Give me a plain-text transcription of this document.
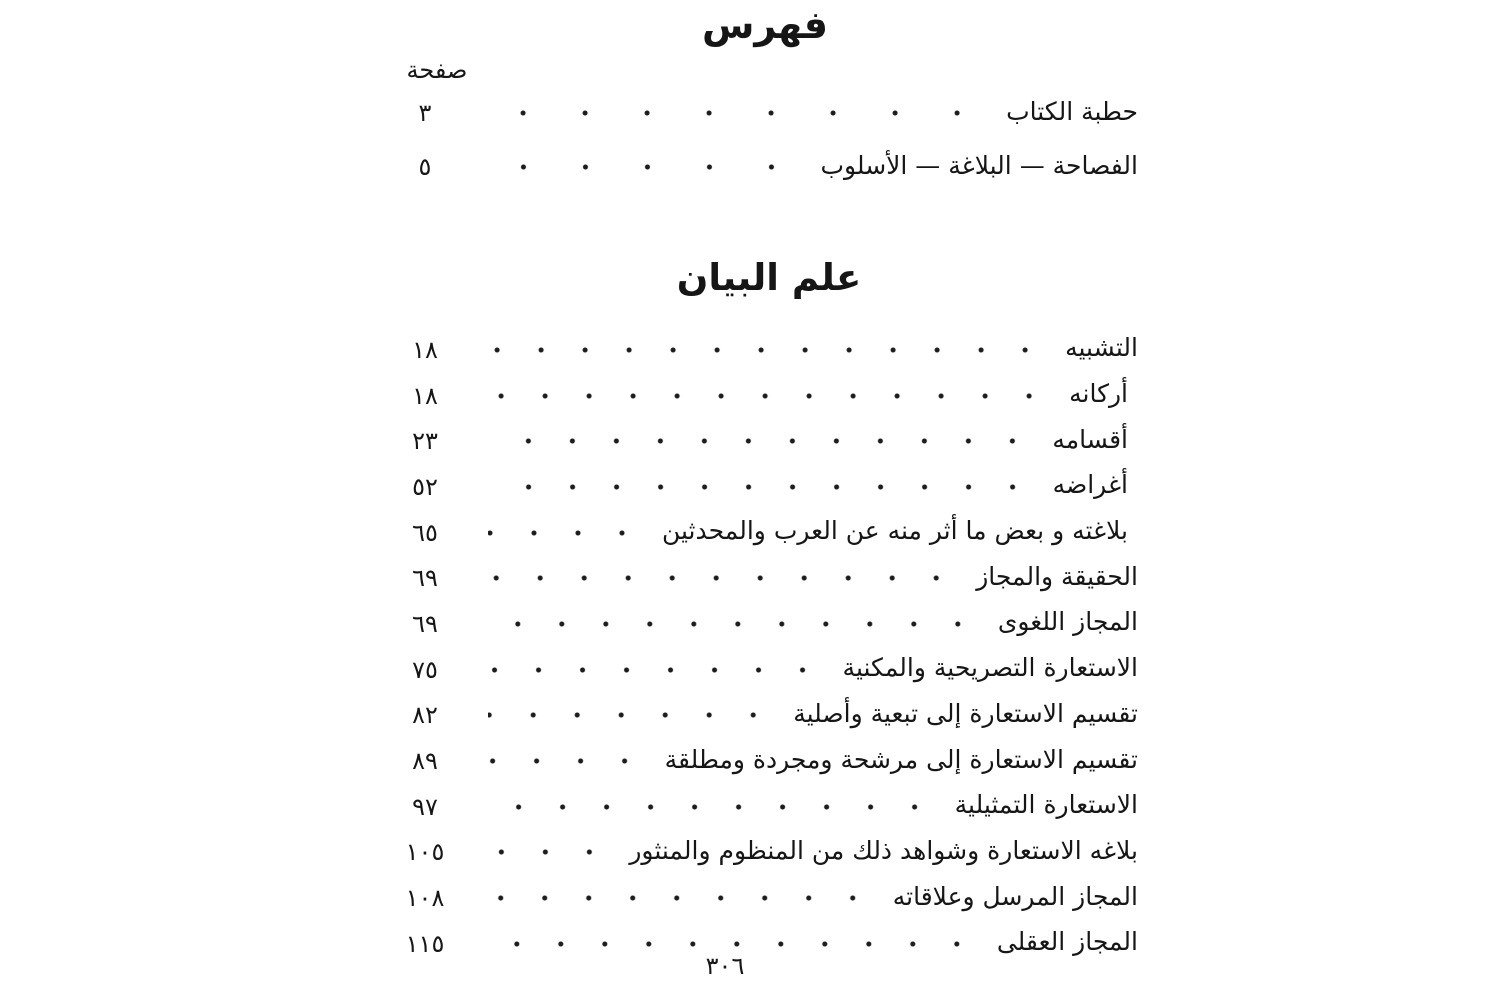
فهرس
صفحة
حطبة الكتاب
٣
الفصاحة — البلاغة — الأسلوب
٥
علم البيان
التشبيه
١٨
أركانه
١٨
أقسامه
٢٣
أغراضه
٥٢
بلاغته و بعض ما أثر منه عن العرب والمحدثين
٦٥
الحقيقة والمجاز
٦٩
المجاز اللغوى
٦٩
الاستعارة التصريحية والمكنية
٧٥
تقسيم الاستعارة إلى تبعية وأصلية
٨٢
تقسيم الاستعارة إلى مرشحة ومجردة ومطلقة
٨٩
الاستعارة التمثيلية
٩٧
بلاغه الاستعارة وشواهد ذلك من المنظوم والمنثور
١٠٥
المجاز المرسل وعلاقاته
١٠٨
المجاز العقلى
١١٥
٣٠٦
